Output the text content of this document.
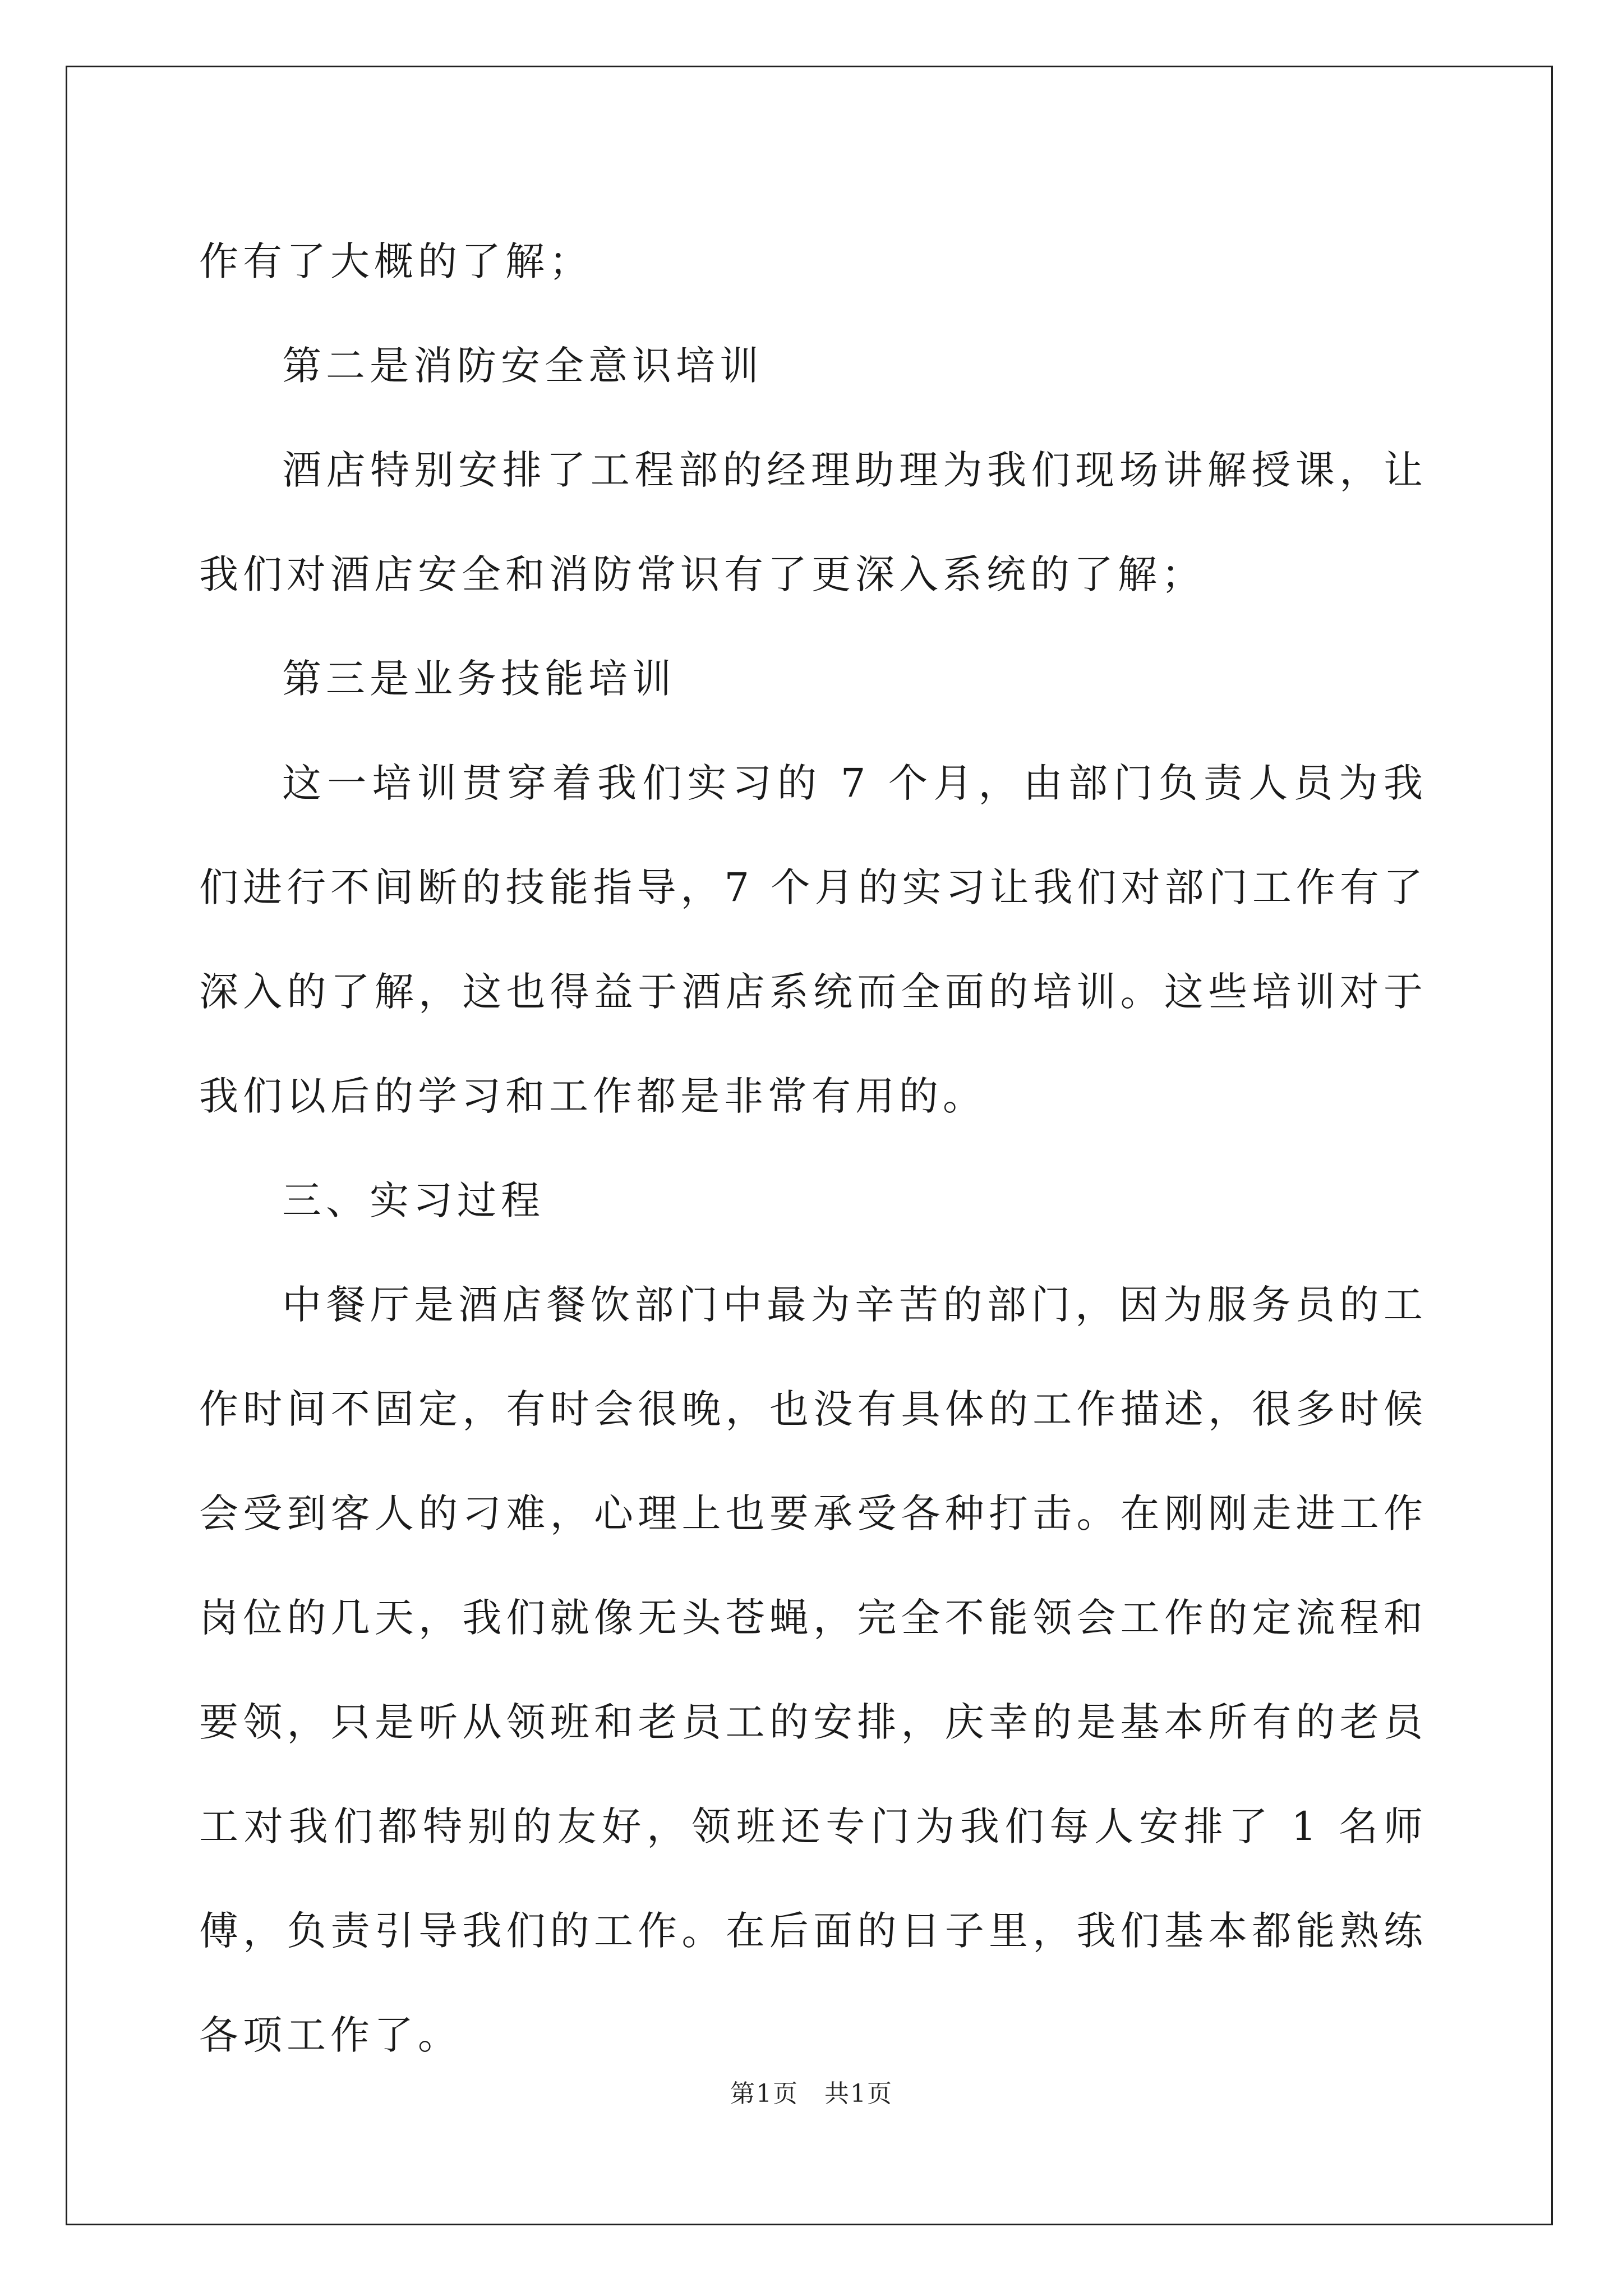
作有了大概的了解；

第二是消防安全意识培训

酒店特别安排了工程部的经理助理为我们现场讲解授课，让我们对酒店安全和消防常识有了更深入系统的了解；

第三是业务技能培训

这一培训贯穿着我们实习的 7 个月，由部门负责人员为我们进行不间断的技能指导，7 个月的实习让我们对部门工作有了深入的了解，这也得益于酒店系统而全面的培训。这些培训对于我们以后的学习和工作都是非常有用的。

三、实习过程

中餐厅是酒店餐饮部门中最为辛苦的部门，因为服务员的工作时间不固定，有时会很晚，也没有具体的工作描述，很多时候会受到客人的刁难，心理上也要承受各种打击。在刚刚走进工作岗位的几天，我们就像无头苍蝇，完全不能领会工作的定流程和要领，只是听从领班和老员工的安排，庆幸的是基本所有的老员工对我们都特别的友好，领班还专门为我们每人安排了 1 名师傅，负责引导我们的工作。在后面的日子里，我们基本都能熟练各项工作了。

第1页　共1页
